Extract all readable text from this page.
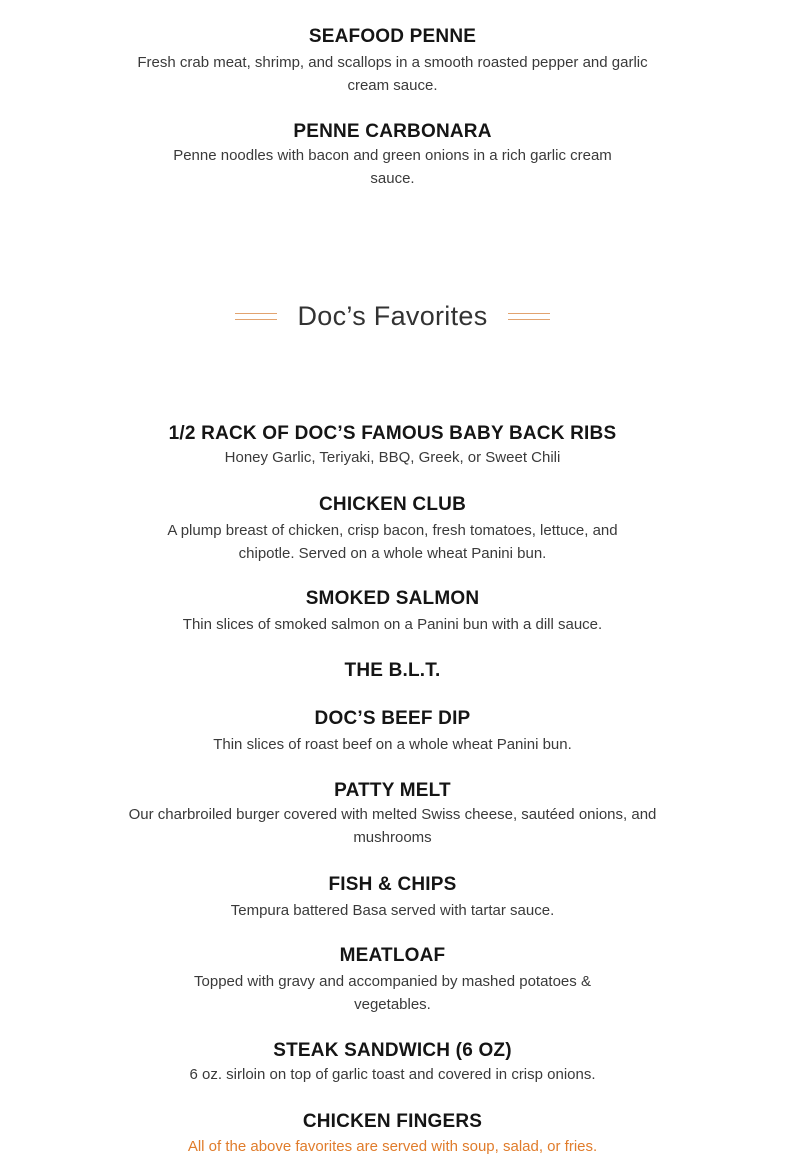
SEAFOOD PENNE

Fresh crab meat, shrimp, and scallops in a smooth roasted pepper and garlic cream sauce.

PENNE CARBONARA

Penne noodles with bacon and green onions in a rich garlic cream sauce.

Doc’s Favorites

1/2 RACK OF DOC’S FAMOUS BABY BACK RIBS

Honey Garlic, Teriyaki, BBQ, Greek, or Sweet Chili

CHICKEN CLUB

A plump breast of chicken, crisp bacon, fresh tomatoes, lettuce, and chipotle. Served on a whole wheat Panini bun.

SMOKED SALMON

Thin slices of smoked salmon on a Panini bun with a dill sauce.

THE B.L.T.

DOC’S BEEF DIP

Thin slices of roast beef on a whole wheat Panini bun.

PATTY MELT

Our charbroiled burger covered with melted Swiss cheese, sautéed onions, and mushrooms

FISH & CHIPS

Tempura battered Basa served with tartar sauce.

MEATLOAF

Topped with gravy and accompanied by mashed potatoes & vegetables.

STEAK SANDWICH (6 OZ)

6 oz. sirloin on top of garlic toast and covered in crisp onions.

CHICKEN FINGERS

All of the above favorites are served with soup, salad, or fries.
